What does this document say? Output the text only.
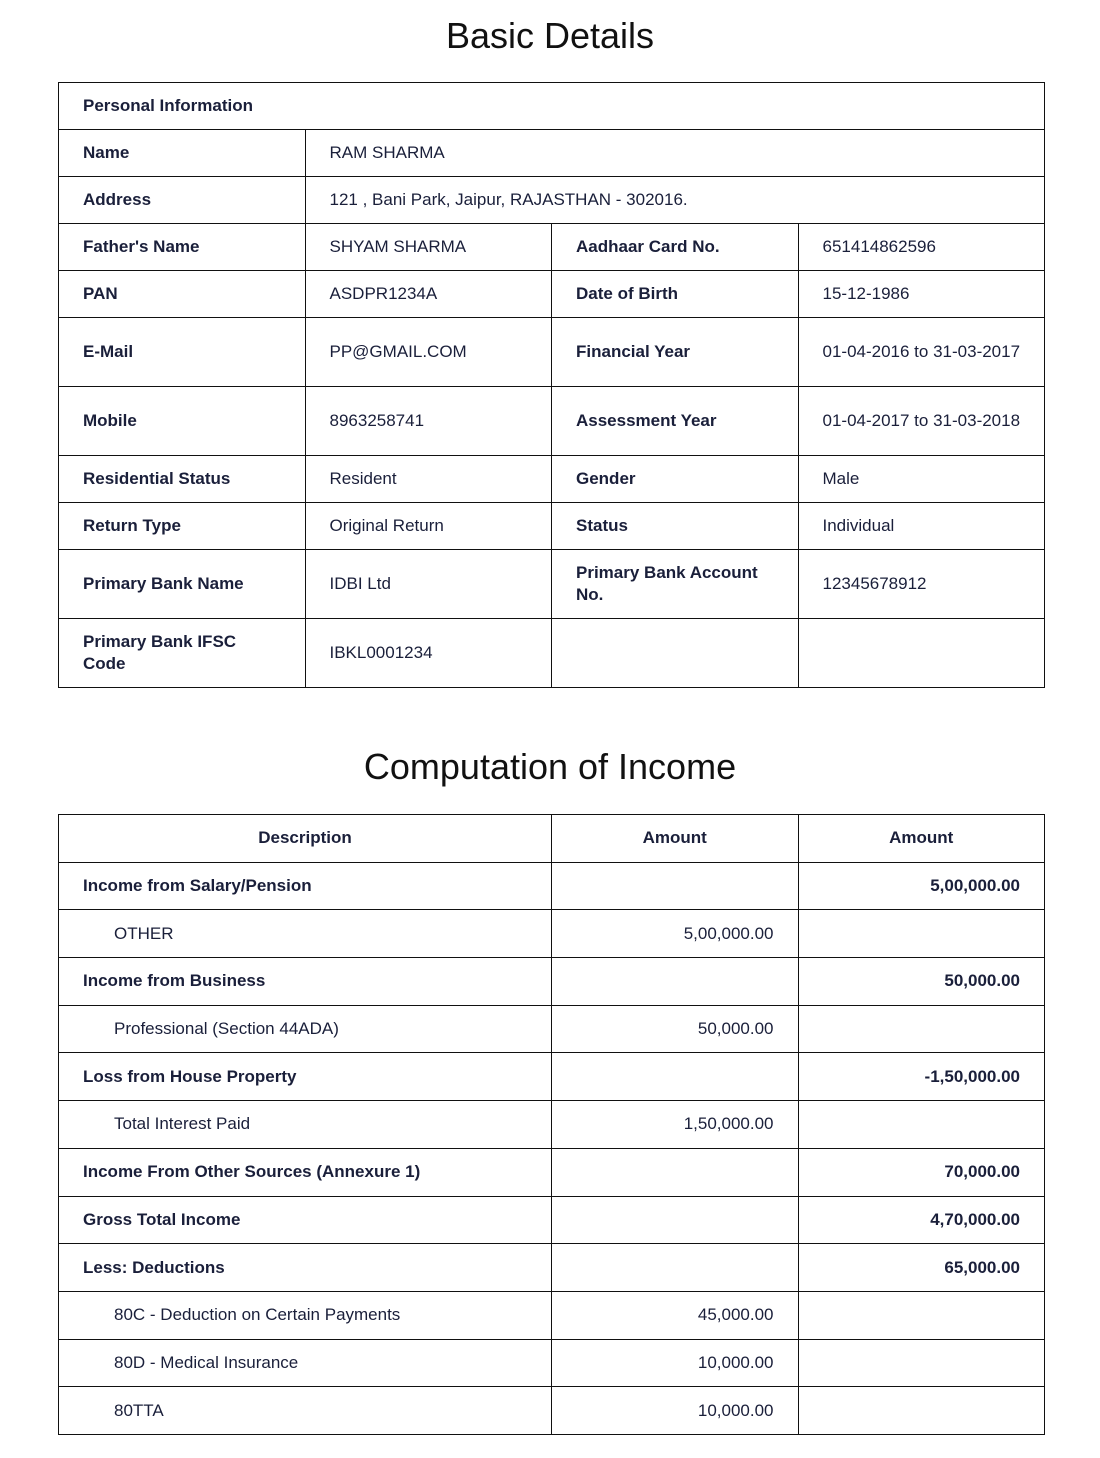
Basic Details
Personal Information			
Name	RAM SHARMA		
Address	121 , Bani Park, Jaipur, RAJASTHAN - 302016.		
Father's Name	SHYAM SHARMA	Aadhaar Card No.	651414862596
PAN	ASDPR1234A	Date of Birth	15-12-1986
E-Mail	PP@GMAIL.COM	Financial Year	01-04-2016 to 31-03-2017
Mobile	8963258741	Assessment Year	01-04-2017 to 31-03-2018
Residential Status	Resident	Gender	Male
Return Type	Original Return	Status	Individual
Primary Bank Name	IDBI Ltd	Primary Bank Account No.	12345678912
Primary Bank IFSC Code	IBKL0001234		
Computation of Income
Description	Amount	Amount
Income from Salary/Pension		5,00,000.00
OTHER	5,00,000.00	
Income from Business		50,000.00
Professional (Section 44ADA)	50,000.00	
Loss from House Property		-1,50,000.00
Total Interest Paid	1,50,000.00	
Income From Other Sources (Annexure 1)		70,000.00
Gross Total Income		4,70,000.00
Less: Deductions		65,000.00
80C - Deduction on Certain Payments	45,000.00	
80D - Medical Insurance	10,000.00	
80TTA	10,000.00	
